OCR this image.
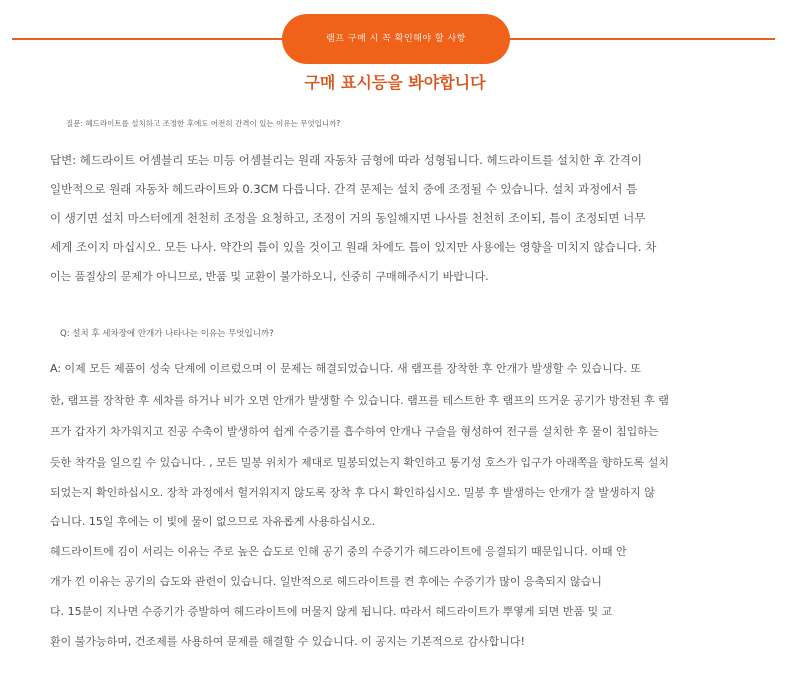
램프 구매 시 꼭 확인해야 할 사항
구매 표시등을 봐야합니다
질문: 헤드라이트를 설치하고 조정한 후에도 어전히 간격이 있는 이유는 무엇입니까?
답변: 헤드라이트 어셈블리 또는 미등 어셈블리는 원래 자동차 금형에 따라 성형됩니다. 헤드라이트를 설치한 후 간격이
일반적으로 원래 자동차 헤드라이트와 0.3CM 다릅니다. 간격 문제는 설치 중에 조정될 수 있습니다. 설치 과정에서 틈
이 생기면 설치 마스터에게 천천히 조정을 요청하고, 조정이 거의 동일해지면 나사를 천천히 조이되, 틈이 조정되면 너무
세게 조이지 마십시오. 모든 나사. 약간의 틈이 있을 것이고 원래 차에도 틈이 있지만 사용에는 영향을 미치지 않습니다. 차
이는 품질상의 문제가 아니므로, 반품 및 교환이 불가하오니, 신중히 구매해주시기 바랍니다.
Q: 설치 후 세차장에 안개가 나타나는 이유는 무엇입니까?
A: 이제 모든 제품이 성숙 단계에 이르렀으며 이 문제는 해결되었습니다. 새 램프를 장착한 후 안개가 발생할 수 있습니다. 또
한, 램프를 장착한 후 세차를 하거나 비가 오면 안개가 발생할 수 있습니다. 램프를 테스트한 후 램프의 뜨거운 공기가 방전된 후 램
프가 갑자기 차가워지고 진공 수축이 발생하여 쉽게 수증기를 흡수하여 안개나 구슬을 형성하여 전구를 설치한 후 물이 침입하는
듯한 착각을 일으킬 수 있습니다. , 모든 밀봉 위치가 제대로 밀봉되었는지 확인하고 통기성 호스가 입구가 아래쪽을 향하도록 설치
되었는지 확인하십시오. 장착 과정에서 헐거워지지 않도록 장착 후 다시 확인하십시오. 밀봉 후 발생하는 안개가 잘 발생하지 않
습니다. 15일 후에는 이 빛에 물이 없으므로 자유롭게 사용하십시오.
헤드라이트에 김이 서리는 이유는 주로 높은 습도로 인해 공기 중의 수증기가 헤드라이트에 응결되기 때문입니다. 이때 안
개가 낀 이유는 공기의 습도와 관련이 있습니다. 일반적으로 헤드라이트를 켠 후에는 수증기가 많이 응축되지 않습니
다. 15분이 지나면 수증기가 증발하여 헤드라이트에 머물지 않게 됩니다. 따라서 헤드라이트가 뿌옇게 되면 반품 및 교
환이 불가능하며, 건조제를 사용하여 문제를 해결할 수 있습니다. 이 공지는 기본적으로 감사합니다!
